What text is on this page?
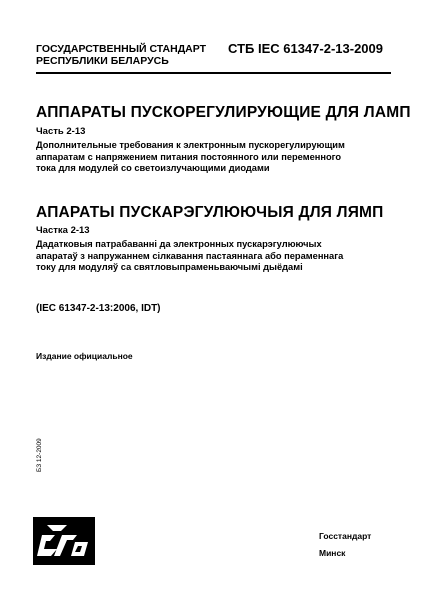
ГОСУДАРСТВЕННЫЙ СТАНДАРТ
РЕСПУБЛИКИ БЕЛАРУСЬ
СТБ IEC 61347-2-13-2009
АППАРАТЫ ПУСКОРЕГУЛИРУЮЩИЕ ДЛЯ ЛАМП
Часть 2-13
Дополнительные требования к электронным пускорегулирующим
аппаратам с напряжением питания постоянного или переменного
тока для модулей со светоизлучающими диодами
АПАРАТЫ ПУСКАРЭГУЛЮЮЧЫЯ ДЛЯ ЛЯМП
Частка 2-13
Дадатковыя патрабаванні да электронных пускарэгулюючых
апаратаў з напружаннем сілкавання пастаяннага або пераменнага
току для модуляў са святловыпраменьваючымі дыёдамі
(IEC 61347-2-13:2006, IDT)
Издание официальное
БЗ 12-2009
Госстандарт
Минск
